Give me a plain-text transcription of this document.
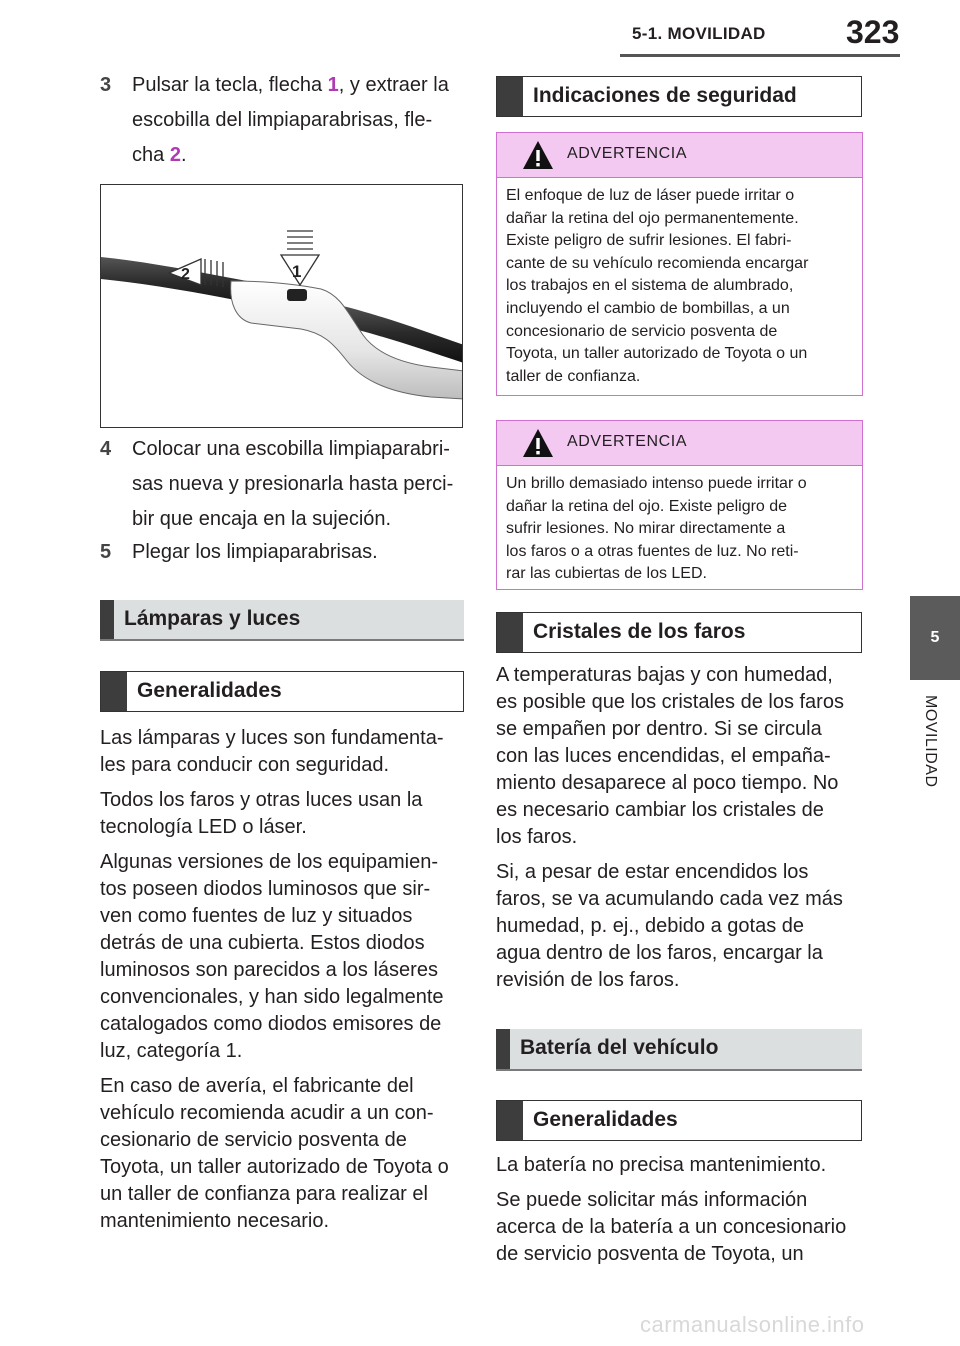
5-1. MOVILIDAD	323
5
MOVILIDAD
3 Pulsar la tecla, flecha 1, y extraer la
escobilla del limpiaparabrisas, fle-
cha 2.
1
2
4 Colocar una escobilla limpiaparabri-
sas nueva y presionarla hasta perci-
bir que encaja en la sujeción.
5 Plegar los limpiaparabrisas.
Lámparas y luces
Generalidades

Las lámparas y luces son fundamenta-
les para conducir con seguridad.

Todos los faros y otras luces usan la
tecnología LED o láser.

Algunas versiones de los equipamien-
tos poseen diodos luminosos que sir-
ven como fuentes de luz y situados
detrás de una cubierta. Estos diodos
luminosos son parecidos a los láseres
convencionales, y han sido legalmente
catalogados como diodos emisores de
luz, categoría 1.

En caso de avería, el fabricante del
vehículo recomienda acudir a un con-
cesionario de servicio posventa de
Toyota, un taller autorizado de Toyota o
un taller de confianza para realizar el
mantenimiento necesario.

Indicaciones de seguridad
ADVERTENCIA
El enfoque de luz de láser puede irritar o
dañar la retina del ojo permanentemente.
Existe peligro de sufrir lesiones. El fabri-
cante de su vehículo recomienda encargar
los trabajos en el sistema de alumbrado,
incluyendo el cambio de bombillas, a un
concesionario de servicio posventa de
Toyota, un taller autorizado de Toyota o un
taller de confianza.
ADVERTENCIA
Un brillo demasiado intenso puede irritar o
dañar la retina del ojo. Existe peligro de
sufrir lesiones. No mirar directamente a
los faros o a otras fuentes de luz. No reti-
rar las cubiertas de los LED.
Cristales de los faros

A temperaturas bajas y con humedad,
es posible que los cristales de los faros
se empañen por dentro. Si se circula
con las luces encendidas, el empaña-
miento desaparece al poco tiempo. No
es necesario cambiar los cristales de
los faros.

Si, a pesar de estar encendidos los
faros, se va acumulando cada vez más
humedad, p. ej., debido a gotas de
agua dentro de los faros, encargar la
revisión de los faros.

Batería del vehículo
Generalidades

La batería no precisa mantenimiento.

Se puede solicitar más información
acerca de la batería a un concesionario
de servicio posventa de Toyota, un

carmanualsonline.info
